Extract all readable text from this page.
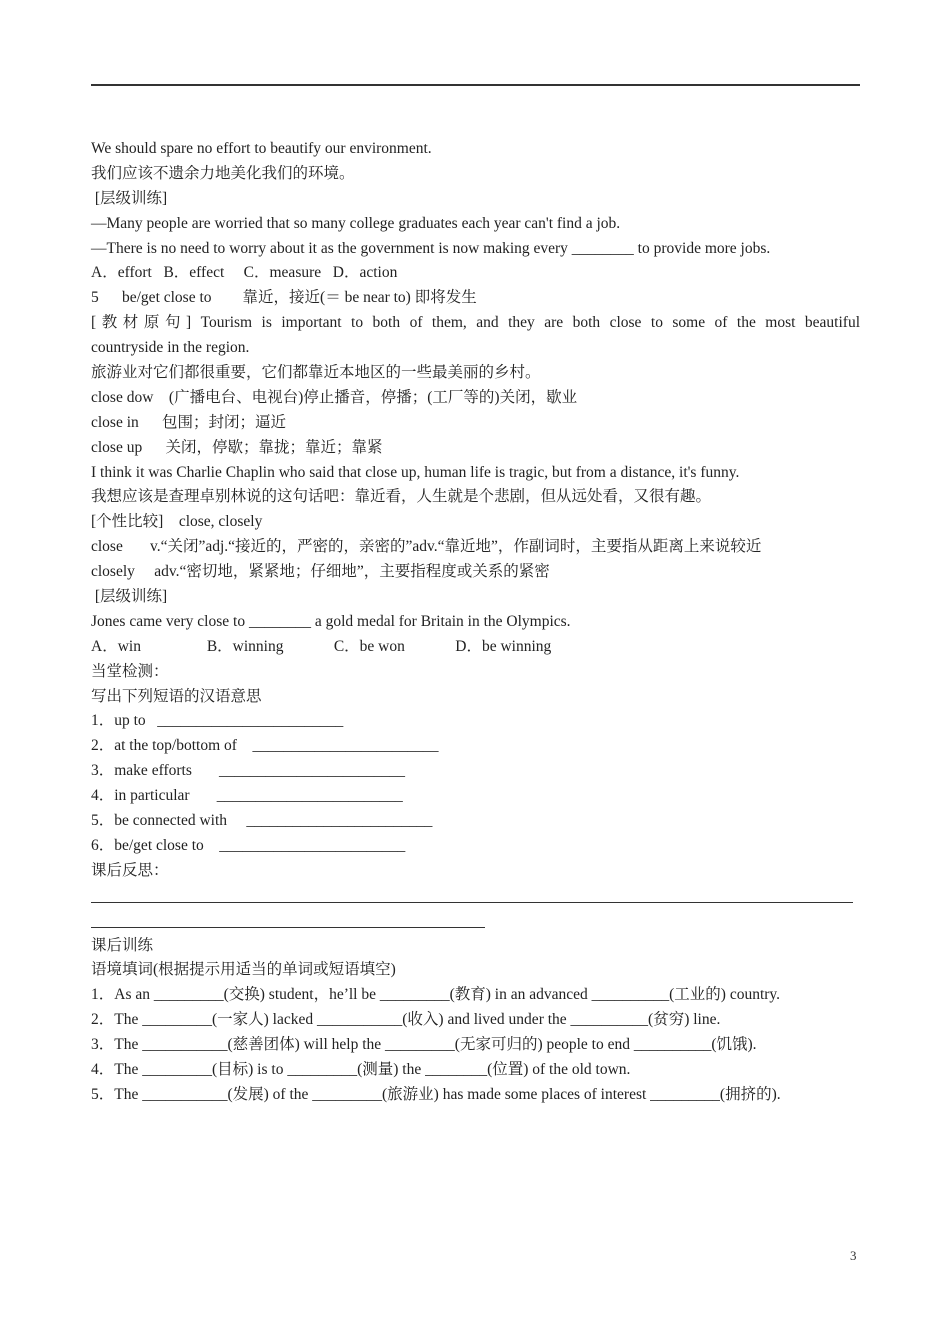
We should spare no effort to beautify our environment.
我们应该不遗余力地美化我们的环境。
[层级训练]
—Many people are worried that so many college graduates each year can't find a job.
—There is no need to worry about it as the government is now making every ________ to provide more jobs.
A．effort   B．effect     C．measure   D．action
5      be/get close to        靠近，接近(＝ be near to) 即将发生
[教材原句] Tourism is important to both of them, and they are both close to some of the most beautiful
countryside in the region.
旅游业对它们都很重要，它们都靠近本地区的一些最美丽的乡村。
close dow    (广播电台、电视台)停止播音，停播；(工厂等的)关闭，歇业
close in      包围；封闭；逼近
close up      关闭，停歇；靠拢；靠近；靠紧
I think it was Charlie Chaplin who said that close up, human life is tragic, but from a distance, it's funny.
我想应该是查理卓别林说的这句话吧：靠近看，人生就是个悲剧，但从远处看，又很有趣。
[个性比较]    close, closely
close       v.“关闭”adj.“接近的，严密的，亲密的”adv.“靠近地”，作副词时，主要指从距离上来说较近
closely     adv.“密切地，紧紧地；仔细地”，主要指程度或关系的紧密
[层级训练]
Jones came very close to ________ a gold medal for Britain in the Olympics.
A．win                 B．winning             C．be won             D．be winning
当堂检测：
写出下列短语的汉语意思
1．up to   ________________________
2．at the top/bottom of    ________________________
3．make efforts       ________________________
4．in particular       ________________________
5．be connected with     ________________________
6．be/get close to    ________________________
课后反思：
课后训练
语境填词(根据提示用适当的单词或短语填空)
1．As an _________(交换) student，he’ll be _________(教育) in an advanced __________(工业的) country.
2．The _________(一家人) lacked ___________(收入) and lived under the __________(贫穷) line.
3．The ___________(慈善团体) will help the _________(无家可归的) people to end __________(饥饿).
4．The _________(目标) is to _________(测量) the ________(位置) of the old town.
5．The ___________(发展) of the _________(旅游业) has made some places of interest _________(拥挤的).
3
